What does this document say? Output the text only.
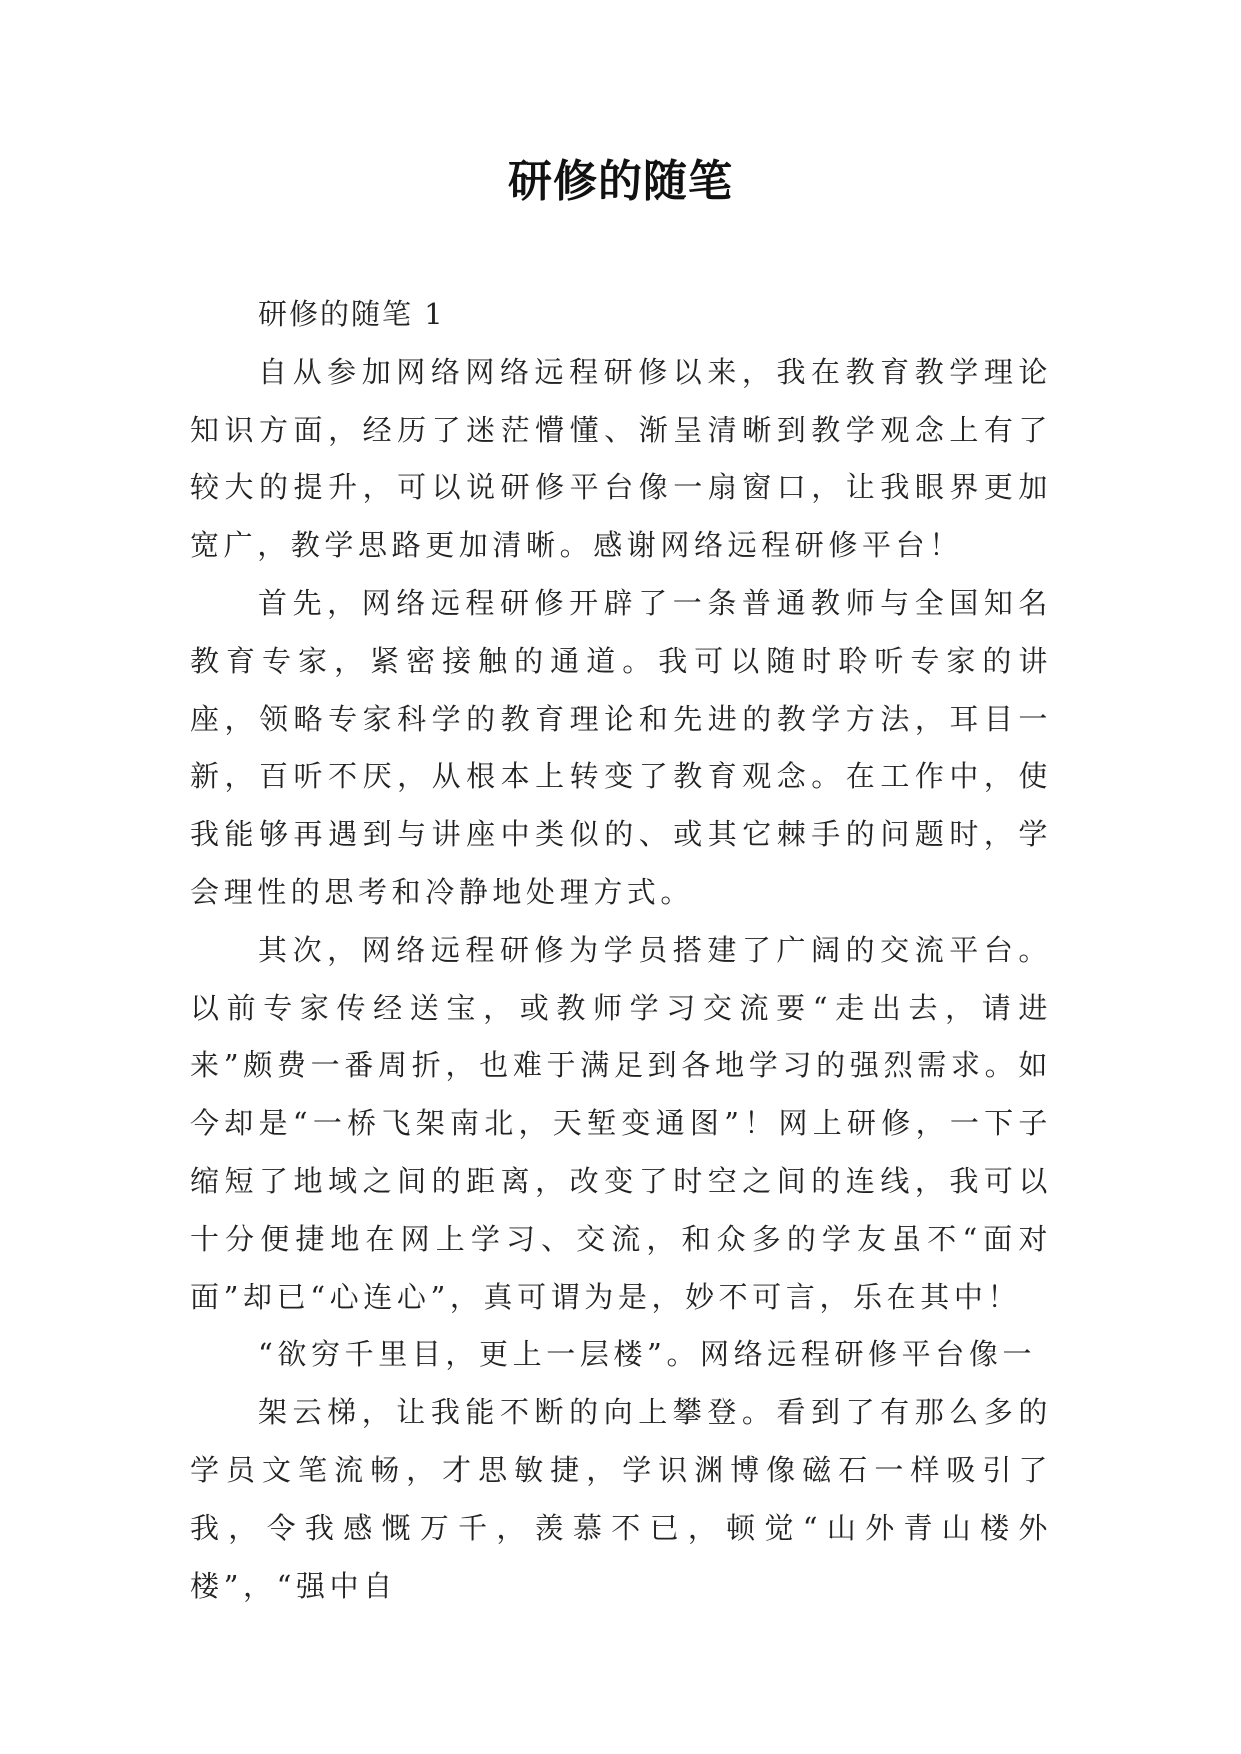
研修的随笔

研修的随笔 1

自从参加网络网络远程研修以来，我在教育教学理论知识方面，经历了迷茫懵懂、渐呈清晰到教学观念上有了较大的提升，可以说研修平台像一扇窗口，让我眼界更加宽广，教学思路更加清晰。感谢网络远程研修平台！

首先，网络远程研修开辟了一条普通教师与全国知名教育专家，紧密接触的通道。我可以随时聆听专家的讲座，领略专家科学的教育理论和先进的教学方法，耳目一新，百听不厌，从根本上转变了教育观念。在工作中，使我能够再遇到与讲座中类似的、或其它棘手的问题时，学会理性的思考和冷静地处理方式。

其次，网络远程研修为学员搭建了广阔的交流平台。以前专家传经送宝，或教师学习交流要“走出去，请进来”颇费一番周折，也难于满足到各地学习的强烈需求。如今却是“一桥飞架南北，天堑变通图”！网上研修，一下子缩短了地域之间的距离，改变了时空之间的连线，我可以十分便捷地在网上学习、交流，和众多的学友虽不“面对面”却已“心连心”，真可谓为是，妙不可言，乐在其中！

“欲穷千里目，更上一层楼”。网络远程研修平台像一

架云梯，让我能不断的向上攀登。看到了有那么多的学员文笔流畅，才思敏捷，学识渊博像磁石一样吸引了我，令我感慨万千，羡慕不已，顿觉“山外青山楼外楼”，“强中自
